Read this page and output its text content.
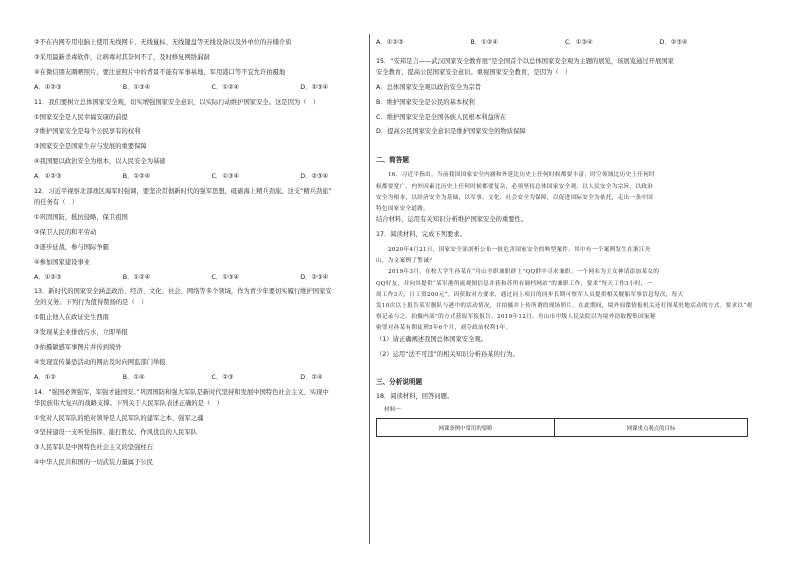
②不在内网专用电脑上使用无线网卡、无线鼠标、无线键盘等无线设备以及外单位的存储介质
③采用最新杀毒软件，让病毒对其奈何不了，及时修复网络漏洞
④在微信朋友圈晒照片，要注意照片中的背景不能有军事基地、军用港口等不宜允许拍摄地
A．①②③	B．①③④	C．①②④	D．②③④
11．我们要树立总体国家安全观，切实增强国家安全意识，以实际行动维护国家安全。这是因为（　）
①国家安全是人民幸福安康的前提
②维护国家安全是每个公民享有的权利
③国家安全是国家生存与发展的重要保障
④我国要以政治安全为根本，以人民安全为基础
A．①②③	B．①②④	C．①③④	D．②③④
12．习近平视察北部战区海军时强调，要坚决贯彻新时代的强军思想，砥砺海上精兵劲旅。这支“精兵劲旅”
的任务有（　）
①巩固国防，抵抗侵略，保卫祖国
②保卫人民的和平劳动
③逐步征战，参与国际争霸
④参加国家建设事业
A．①②③	B．①②④	C．①③④	D．②③④
13．新时代的国家安全涵盖政治、经济、文化、社会、网络等多个领域，作为青少年要切实履行维护国家安
全的义务。下列行为值得赞扬的是（　）
①阻止他人在政证史生西南
②发现某企业排放污水，立即举报
③拍摄敏感军事图片并传到境外
④发现宣传暴恐活动的网站及时向网监部门举报
A．①②	B．①④	C．②③	D．②④
14．“强国必须强军，军强才能国安。”巩固国防和强大军队是新时代坚持和发展中国特色社会主义、实现中
华民族伟大复兴的战略支撑。下列关于人民军队表述正确的是（　）
①党对人民军队的绝对领导是人民军队的建军之本、强军之魂
②坚持建设一支听党指挥、能打胜仗、作风优良的人民军队
③人民军队是中国特色社会主义的坚强柱石
④中华人民共和国的一切武装力量属于公民
A．①②③	B．①②④	C．①③④	D．②③④
15．“安邦是言——武汉国家安全教育展”是全国首个以总体国家安全观为主题的展览，该展览通过开展国家
安全教育，提高公民国家安全意识。重视国家安全教育，是因为（　）
A．总体国家安全观以政治安全为宗旨
B．维护国家安全是公民的基本权利
C．维护国家安全是全国各族人民根本利益所在
D．提高公民国家安全意识是维护国家安全的物质保障
二、简答题
16．习近平指出，当前我国国家安全内涵和外延比历史上任何时候都要丰富，时空领域比历史上任何时
候都要宽广，内外因素比历史上任何时候都要复杂，必须坚持总体国家安全观，以人民安全为宗旨，以政治
安全为根本，以经济安全为基础，以军事、文化、社会安全为保障，以促进国际安全为依托，走出一条中国
特色国家安全道路。
结合材料，运用有关知识分析维护国家安全的重要性。
17．阅读材料，完成下列要求。
2020年4月21日，国家安全部剖析公布一批危害国家安全的典型案件，其中有一个案例发生在浙江舟
山，为文案例了警诫？
2019年3月，在校大学生孙某在“舟山全职兼职群上”QQ群中寻求兼职。一个网名为王女神请添加某女的
QQ好友，并向其提供“某军港所流观图信息并获和苏所有调档网站”的兼职工作，要求“每天工作3小时，一
周工作3天，日工资200元”。因获取对方要求，通过同上项目的同步长期可察军人员提供相关舰船军事信息每次，每天
发10次以上报告某军舰队与港中的活动情况，并拍摄并上传所谓的现场照片。在此期间，境外间谍情报机关还打探某驻地活动的方式。要求以“观
察记录与之、拍摄内部”的方式获取军报报告。2019年12月，舟山市中级人民法院以为境外窃取搜集国家秘
密罪对孙某有期徒刑5年6个月，剥夺政治权利1年。
（1）请正确阐述我国总体国家安全观。
（2）运用“法不可违”的相关知识分析孙某的行为。
三、分析说明题
18．阅读材料，回答问题。
材料一
网课条例中常用的要略	网课重点观点的目标
